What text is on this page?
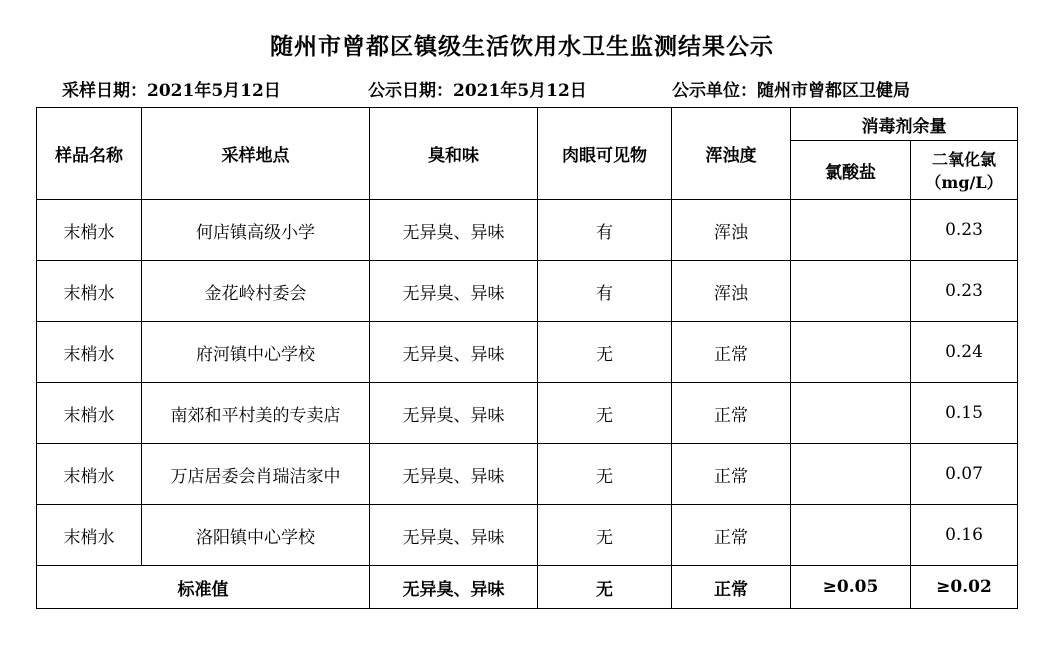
随州市曾都区镇级生活饮用水卫生监测结果公示
采样日期：2021年5月12日	公示日期：2021年5月12日	公示单位：随州市曾都区卫健局
样品名称	采样地点	臭和味	肉眼可见物	浑浊度	消毒剂余量	
					氯酸盐	二氧化氯
（mg/L）

末梢水	何店镇高级小学	无异臭、异味	有	浑浊		0.23
末梢水	金花岭村委会	无异臭、异味	有	浑浊		0.23
末梢水	府河镇中心学校	无异臭、异味	无	正常		0.24
末梢水	南郊和平村美的专卖店	无异臭、异味	无	正常		0.15
末梢水	万店居委会肖瑞洁家中	无异臭、异味	无	正常		0.07
末梢水	洛阳镇中心学校	无异臭、异味	无	正常		0.16
标准值		无异臭、异味	无	正常	≥0.05	≥0.02
